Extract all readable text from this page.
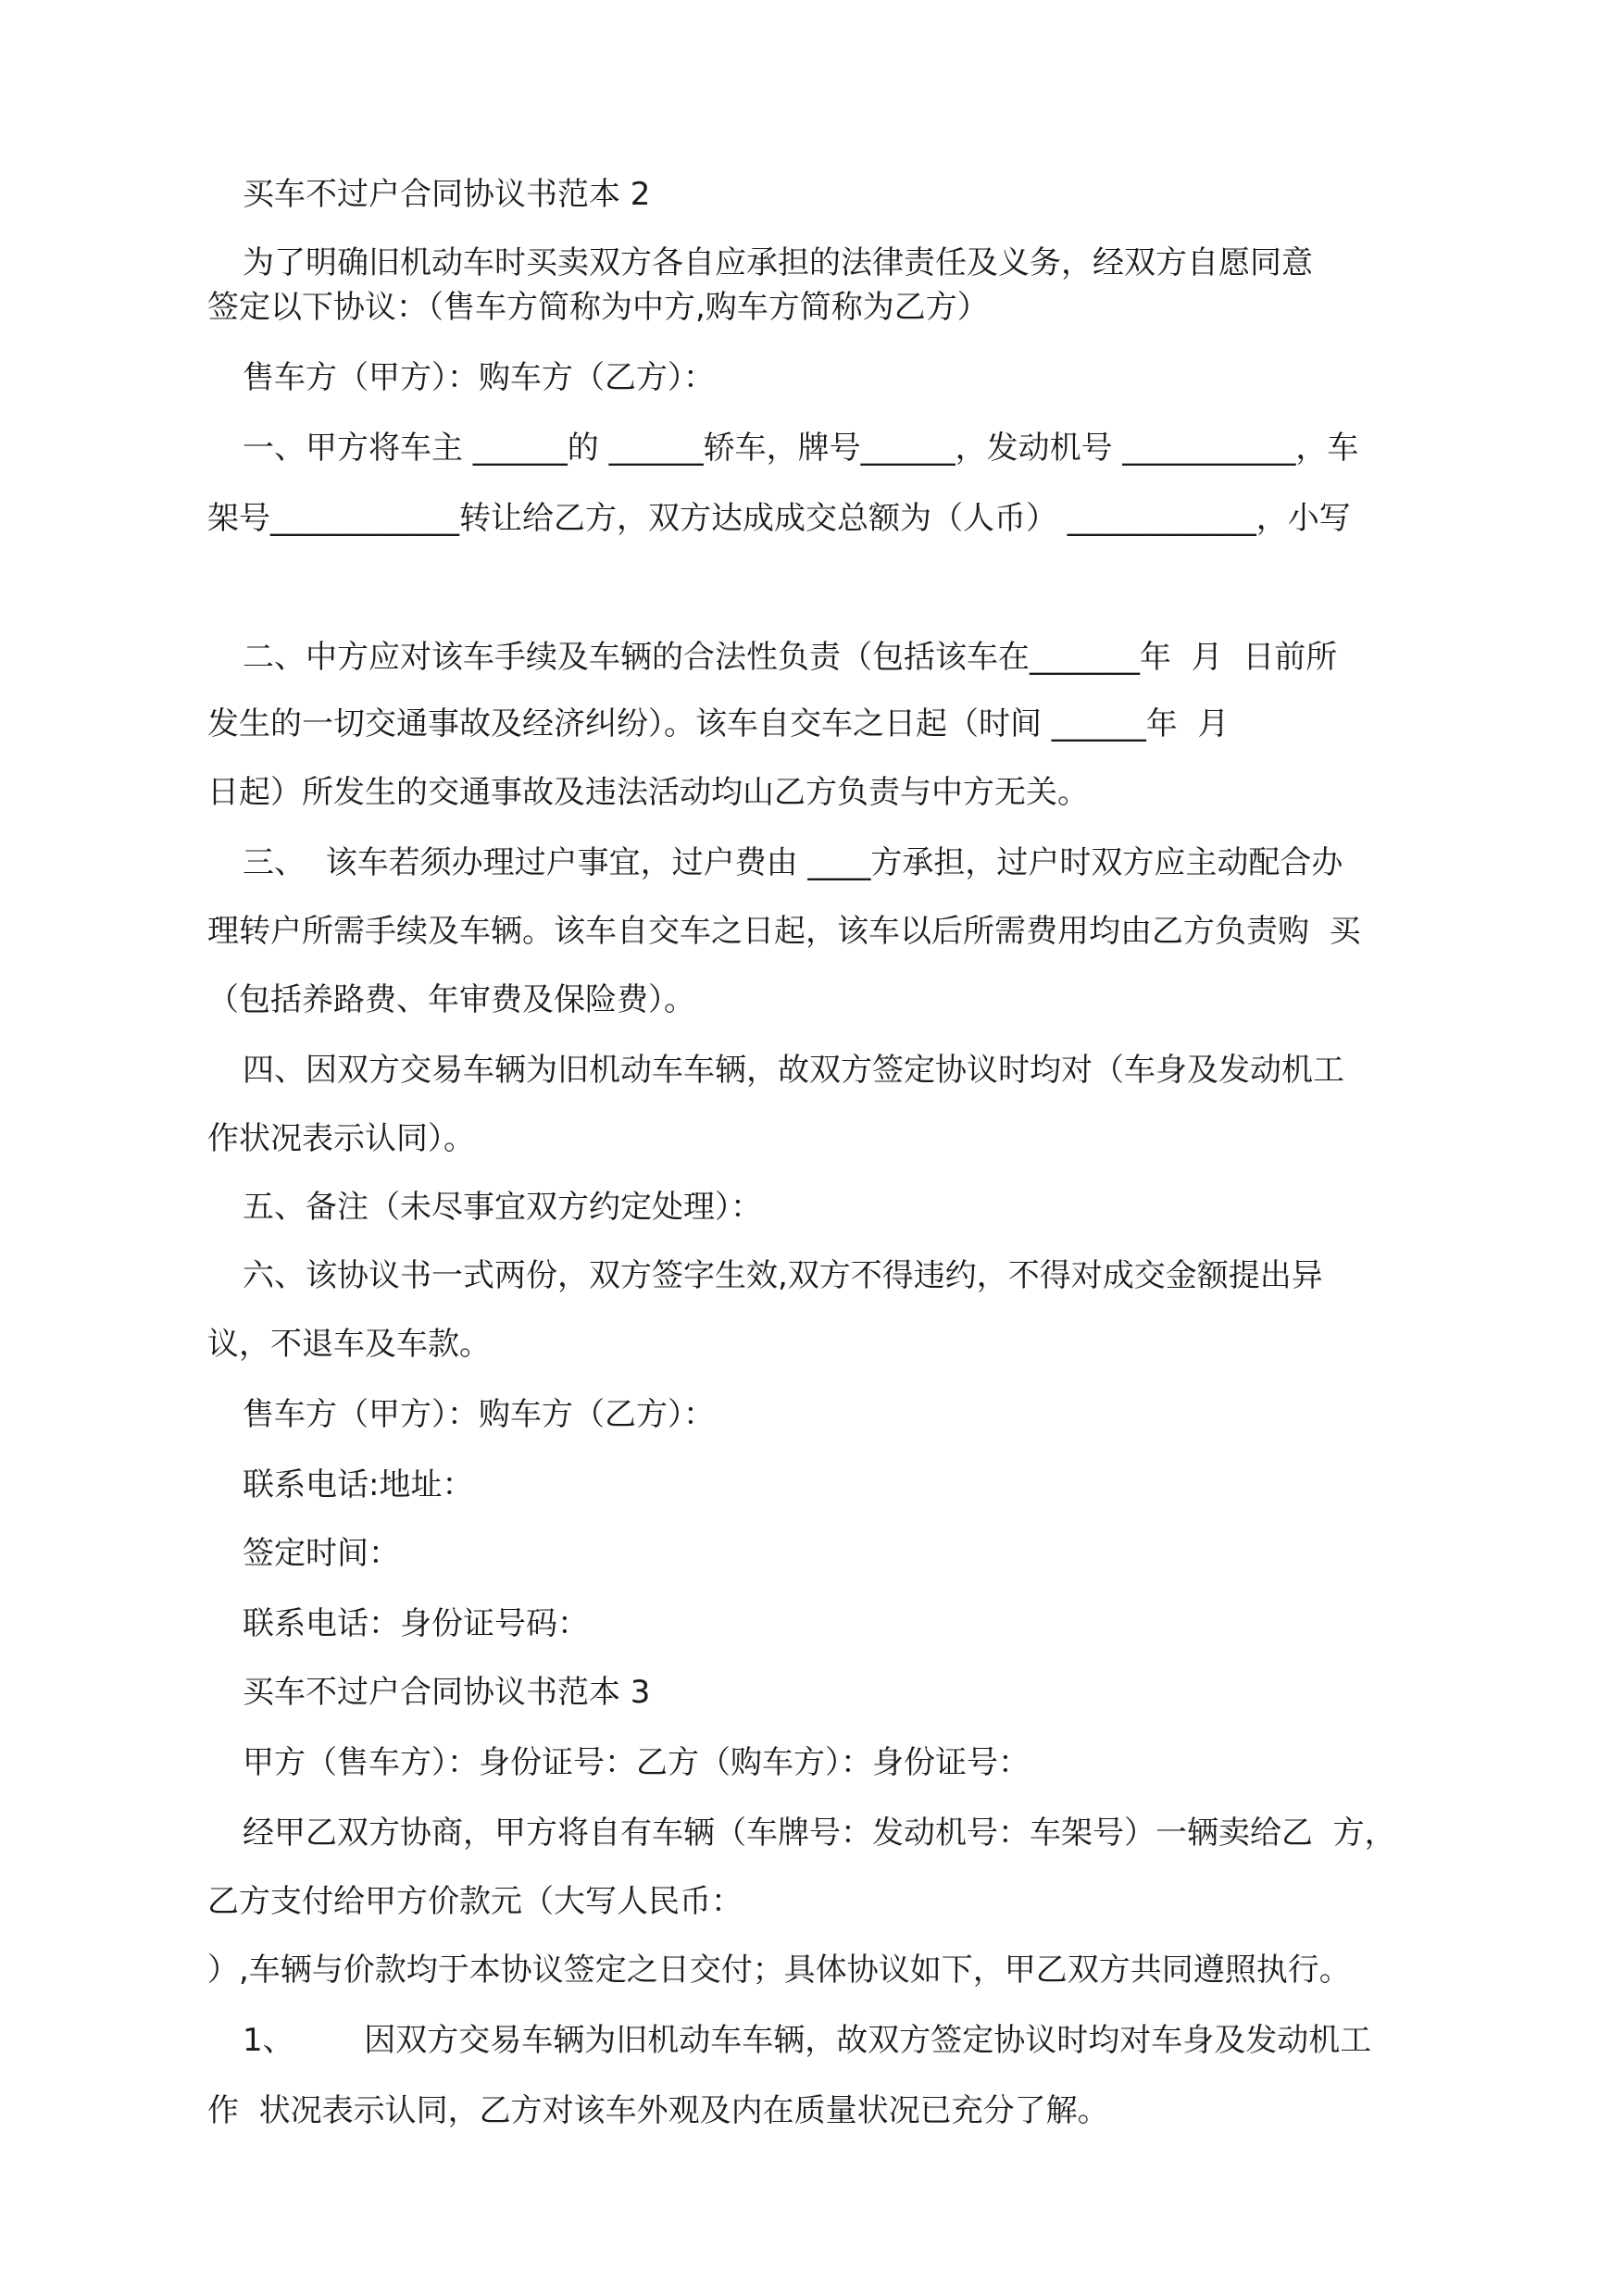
买车不过户合同协议书范本 2

为了明确旧机动车时买卖双方各自应承担的法律责任及义务，经双方自愿同意

签定以下协议：（售车方简称为中方,购车方简称为乙方）

售车方（甲方）：购车方（乙方）：

一、甲方将车主 ______的 ______轿车，牌号______，发动机号 ___________，车

架号____________转让给乙方，双方达成成交总额为（人币） ____________，小写

二、中方应对该车手续及车辆的合法性负责（包括该车在_______年  月  日前所

发生的一切交通事故及经济纠纷）。该车自交车之日起（时间 ______年  月

日起）所发生的交通事故及违法活动均山乙方负责与中方无关。

三、  该车若须办理过户事宜，过户费由 ____方承担，过户时双方应主动配合办

理转户所需手续及车辆。该车自交车之日起，该车以后所需费用均由乙方负责购  买

（包括养路费、年审费及保险费）。

四、因双方交易车辆为旧机动车车辆，故双方签定协议时均对（车身及发动机工

作状况表示认同）。

五、备注（未尽事宜双方约定处理）：

六、该协议书一式两份，双方签字生效,双方不得违约，不得对成交金额提出异

议，不退车及车款。

售车方（甲方）：购车方（乙方）：

联系电话:地址：

签定时间：

联系电话：身份证号码：

买车不过户合同协议书范本 3

甲方（售车方）：身份证号：乙方（购车方）：身份证号：

经甲乙双方协商，甲方将自有车辆（车牌号：发动机号：车架号）一辆卖给乙  方，

乙方支付给甲方价款元（大写人民币：

）,车辆与价款均于本协议签定之日交付；具体协议如下，甲乙双方共同遵照执行。

1、       因双方交易车辆为旧机动车车辆，故双方签定协议时均对车身及发动机工

作  状况表示认同，乙方对该车外观及内在质量状况已充分了解。
